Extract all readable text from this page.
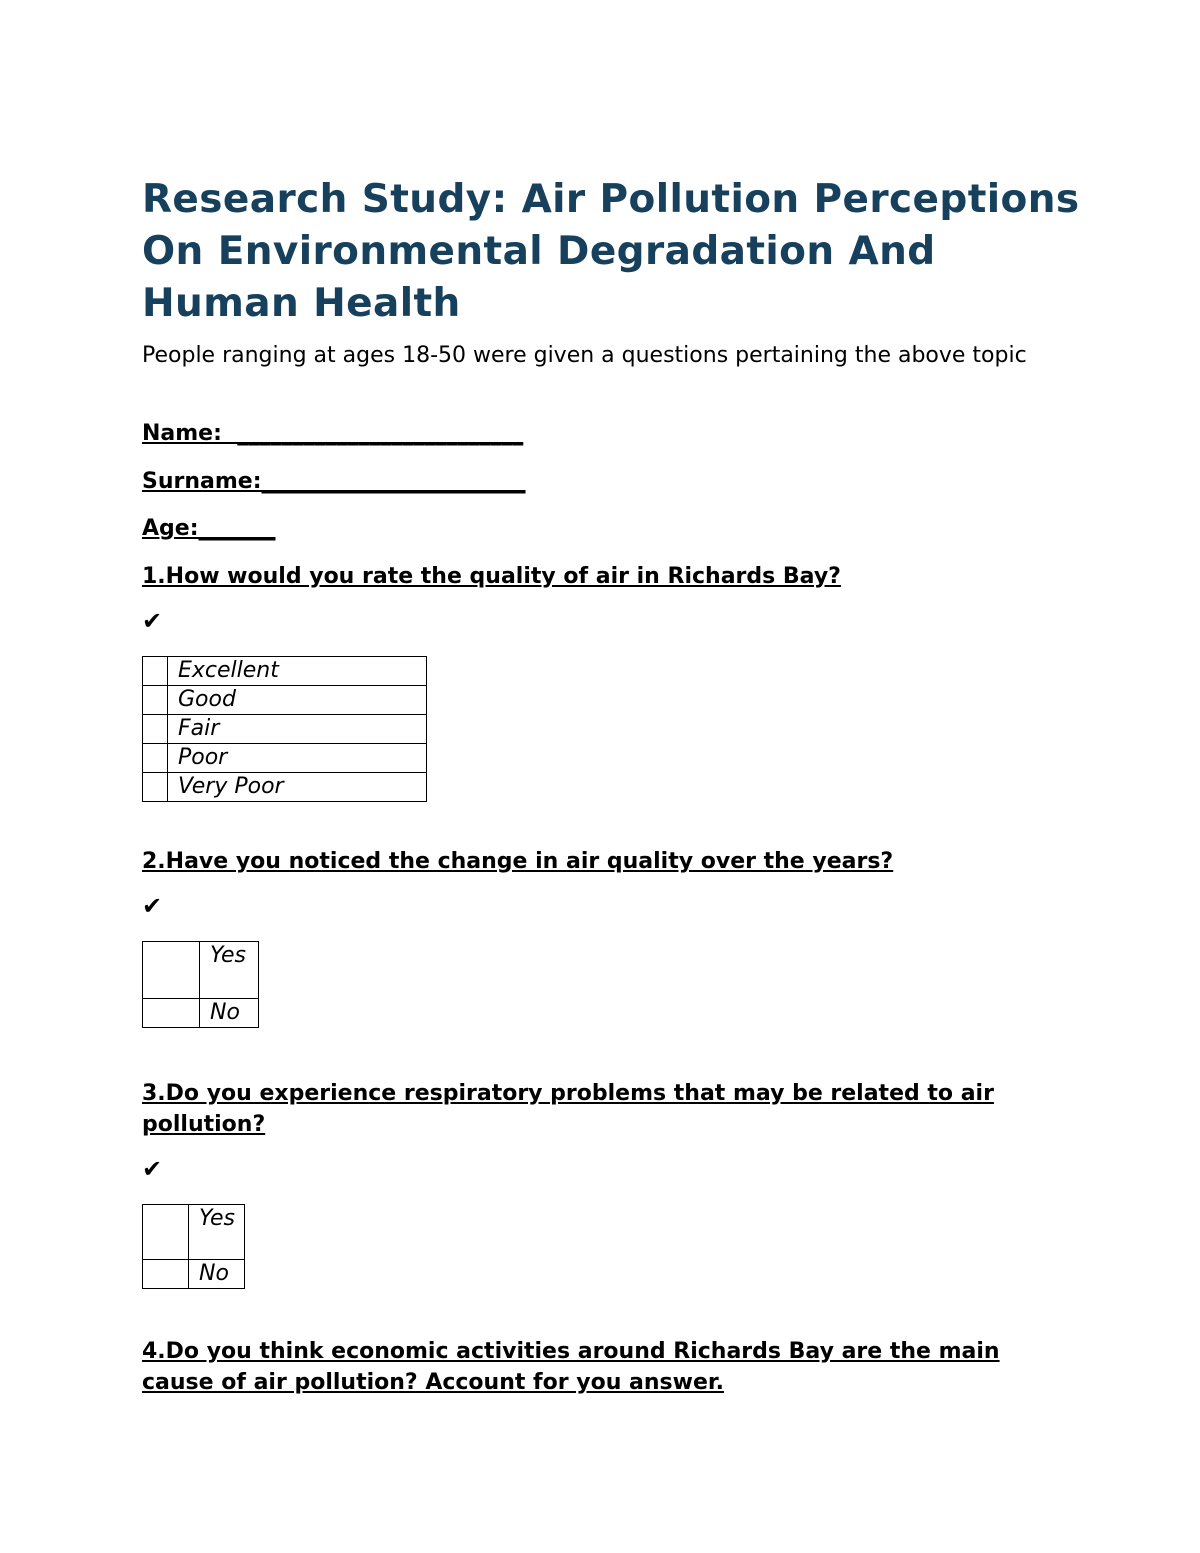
Research Study: Air Pollution Perceptions On Environmental Degradation And Human Health

People ranging at ages 18-50 were given a questions pertaining the above topic

Name:  __________________________

Surname:________________________

Age:_______

1.How would you rate the quality of air in Richards Bay?

✔
	Excellent
	Good
	Fair
	Poor
	Very Poor

2.Have you noticed the change in air quality over the years?

✔
	Yes
	No

3.Do you experience respiratory problems that may be related to air pollution?

✔
	Yes
	No

4.Do you think economic activities around Richards Bay are the main cause of air pollution? Account for you answer.
